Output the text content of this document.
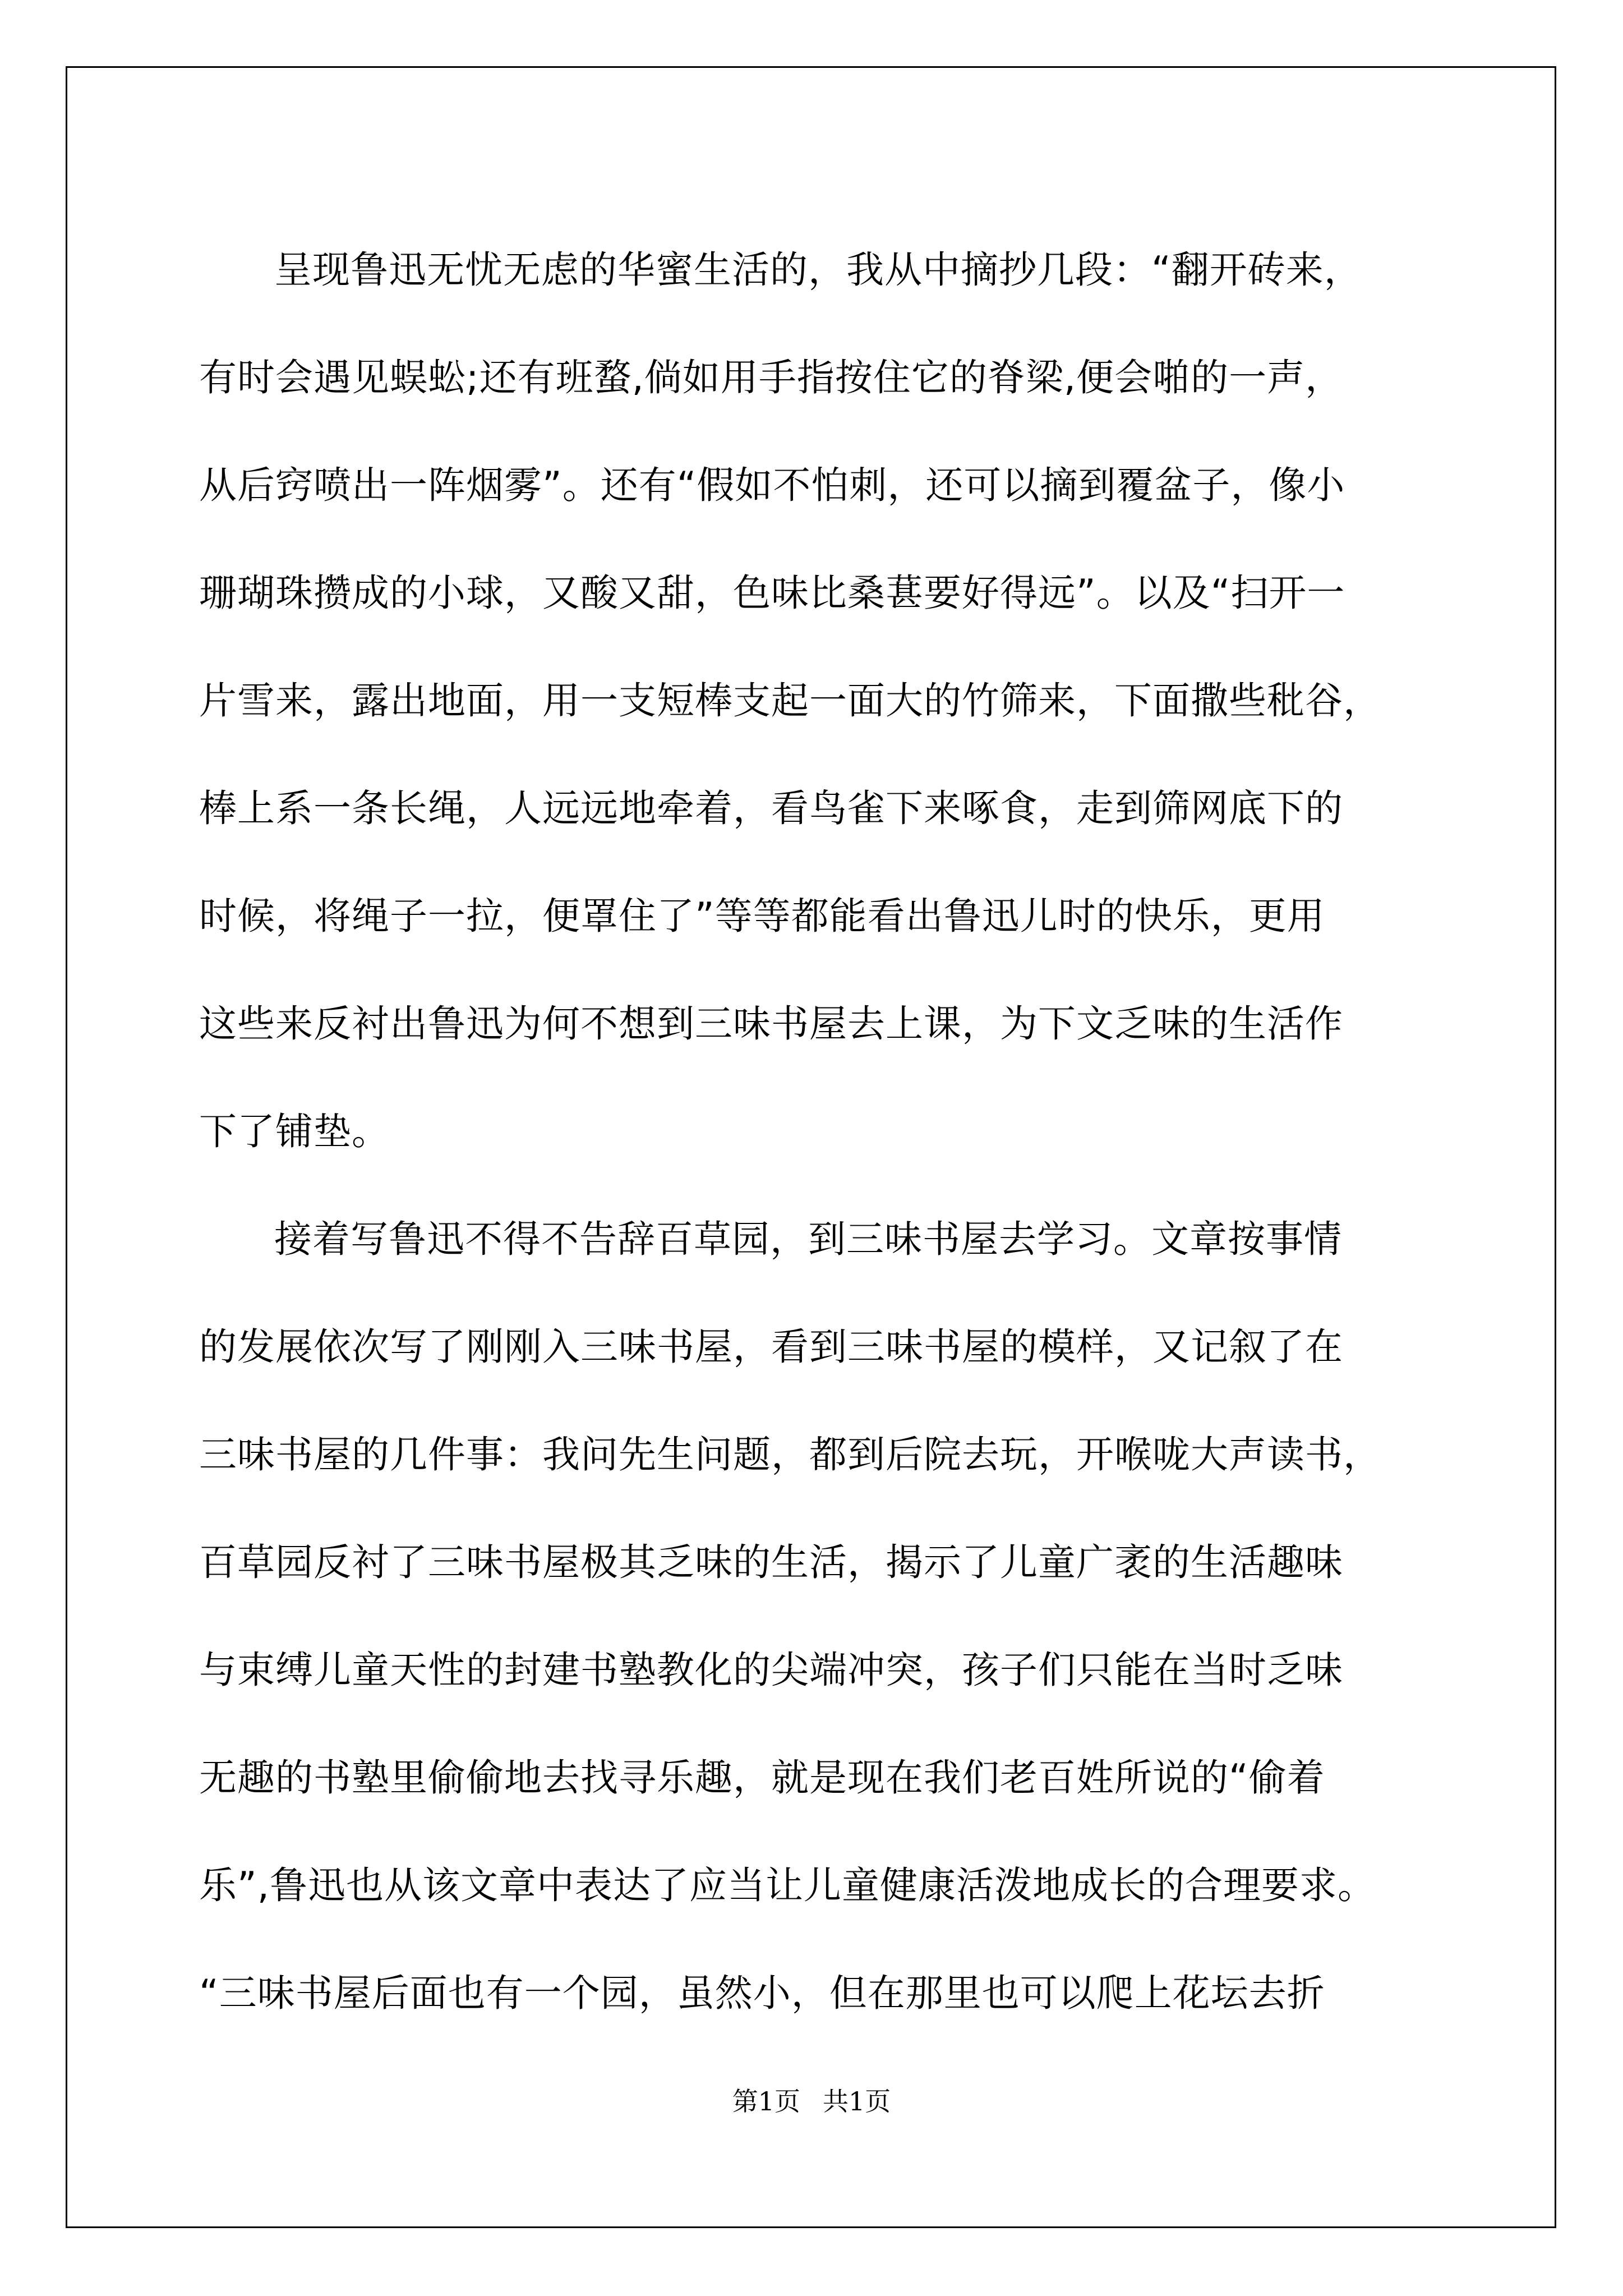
呈现鲁迅无忧无虑的华蜜生活的，我从中摘抄几段：“翻开砖来，
有时会遇见蜈蚣;还有班蝥,倘如用手指按住它的脊梁,便会啪的一声，
从后窍喷出一阵烟雾”。还有“假如不怕刺，还可以摘到覆盆子，像小
珊瑚珠攒成的小球，又酸又甜，色味比桑葚要好得远”。以及“扫开一
片雪来，露出地面，用一支短棒支起一面大的竹筛来，下面撒些秕谷，
棒上系一条长绳，人远远地牵着，看鸟雀下来啄食，走到筛网底下的
时候，将绳子一拉，便罩住了”等等都能看出鲁迅儿时的快乐，更用
这些来反衬出鲁迅为何不想到三味书屋去上课，为下文乏味的生活作
下了铺垫。
接着写鲁迅不得不告辞百草园，到三味书屋去学习。文章按事情
的发展依次写了刚刚入三味书屋，看到三味书屋的模样，又记叙了在
三味书屋的几件事：我问先生问题，都到后院去玩，开喉咙大声读书，
百草园反衬了三味书屋极其乏味的生活，揭示了儿童广袤的生活趣味
与束缚儿童天性的封建书塾教化的尖端冲突，孩子们只能在当时乏味
无趣的书塾里偷偷地去找寻乐趣，就是现在我们老百姓所说的“偷着
乐”,鲁迅也从该文章中表达了应当让儿童健康活泼地成长的合理要求。
“三味书屋后面也有一个园，虽然小，但在那里也可以爬上花坛去折
第1页 共1页
